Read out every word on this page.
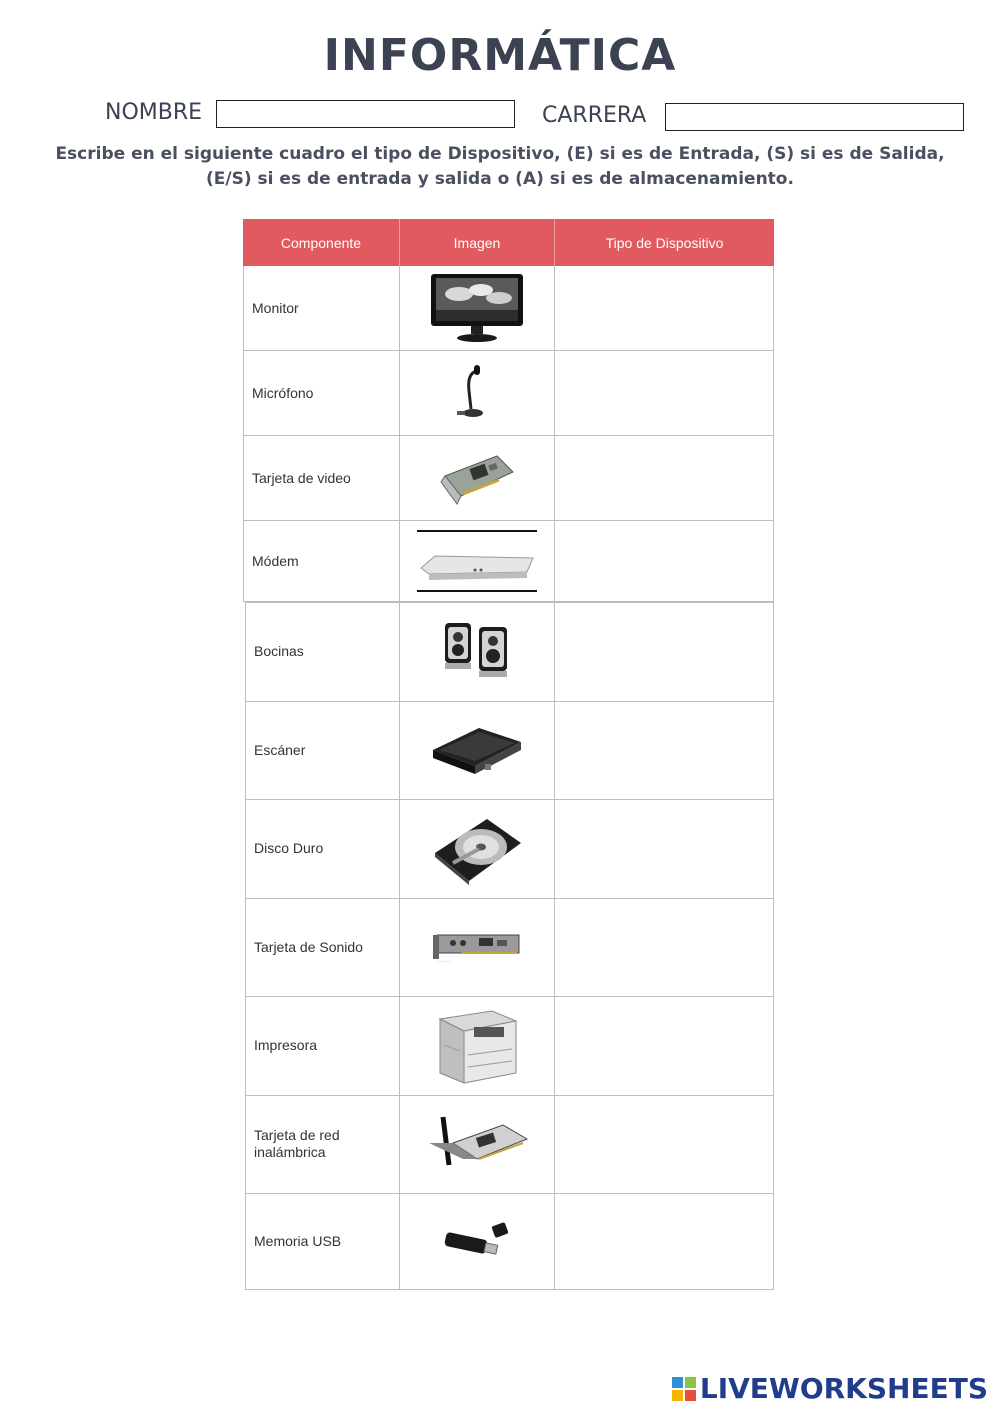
INFORMÁTICA
NOMBRE	CARRERA
Escribe en el siguiente cuadro el tipo de Dispositivo, (E) si es de Entrada, (S) si es de Salida,
(E/S) si es de entrada y salida o (A) si es de almacenamiento.
Componente	Imagen	Tipo de Dispositivo
Monitor
Micrófono
Tarjeta de video
Módem
Bocinas
Escáner
Disco Duro
Tarjeta de Sonido
··· ··· ···
Impresora
Tarjeta de red inalámbrica
Memoria USB
LIVEWORKSHEETS
